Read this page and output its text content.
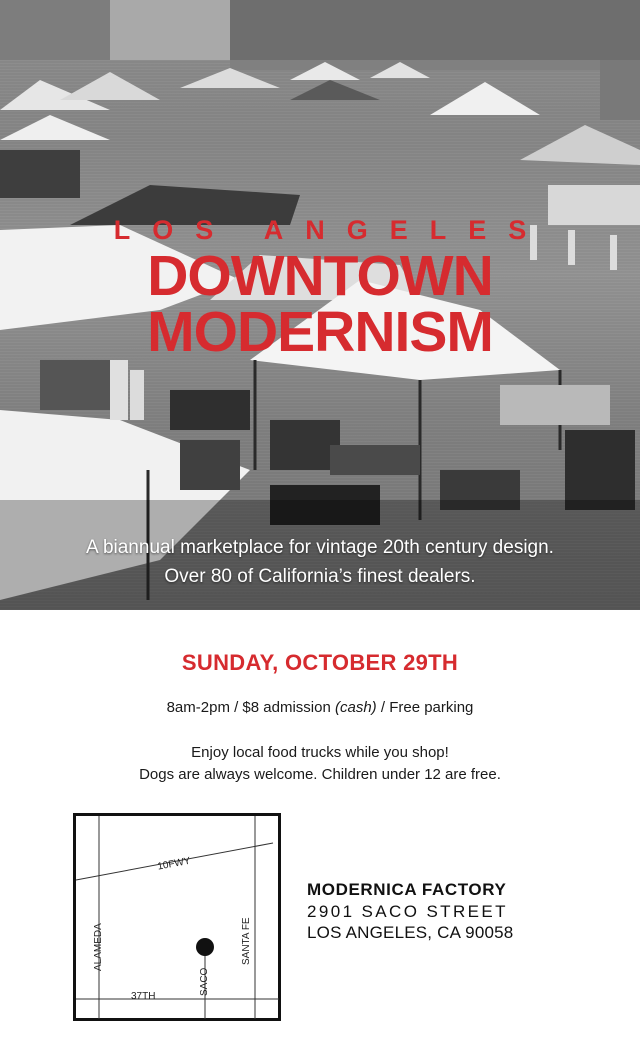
LOS ANGELES
DOWNTOWN
MODERNISM
A biannual marketplace for vintage 20th century design.
Over 80 of California’s finest dealers.
SUNDAY, OCTOBER 29TH
8am-2pm / $8 admission (cash) / Free parking
Enjoy local food trucks while you shop!
Dogs are always welcome. Children under 12 are free.
10FWY
ALAMEDA	SANTA FE
SACO
37TH
MODERNICA FACTORY
2901 SACO STREET
LOS ANGELES, CA 90058
